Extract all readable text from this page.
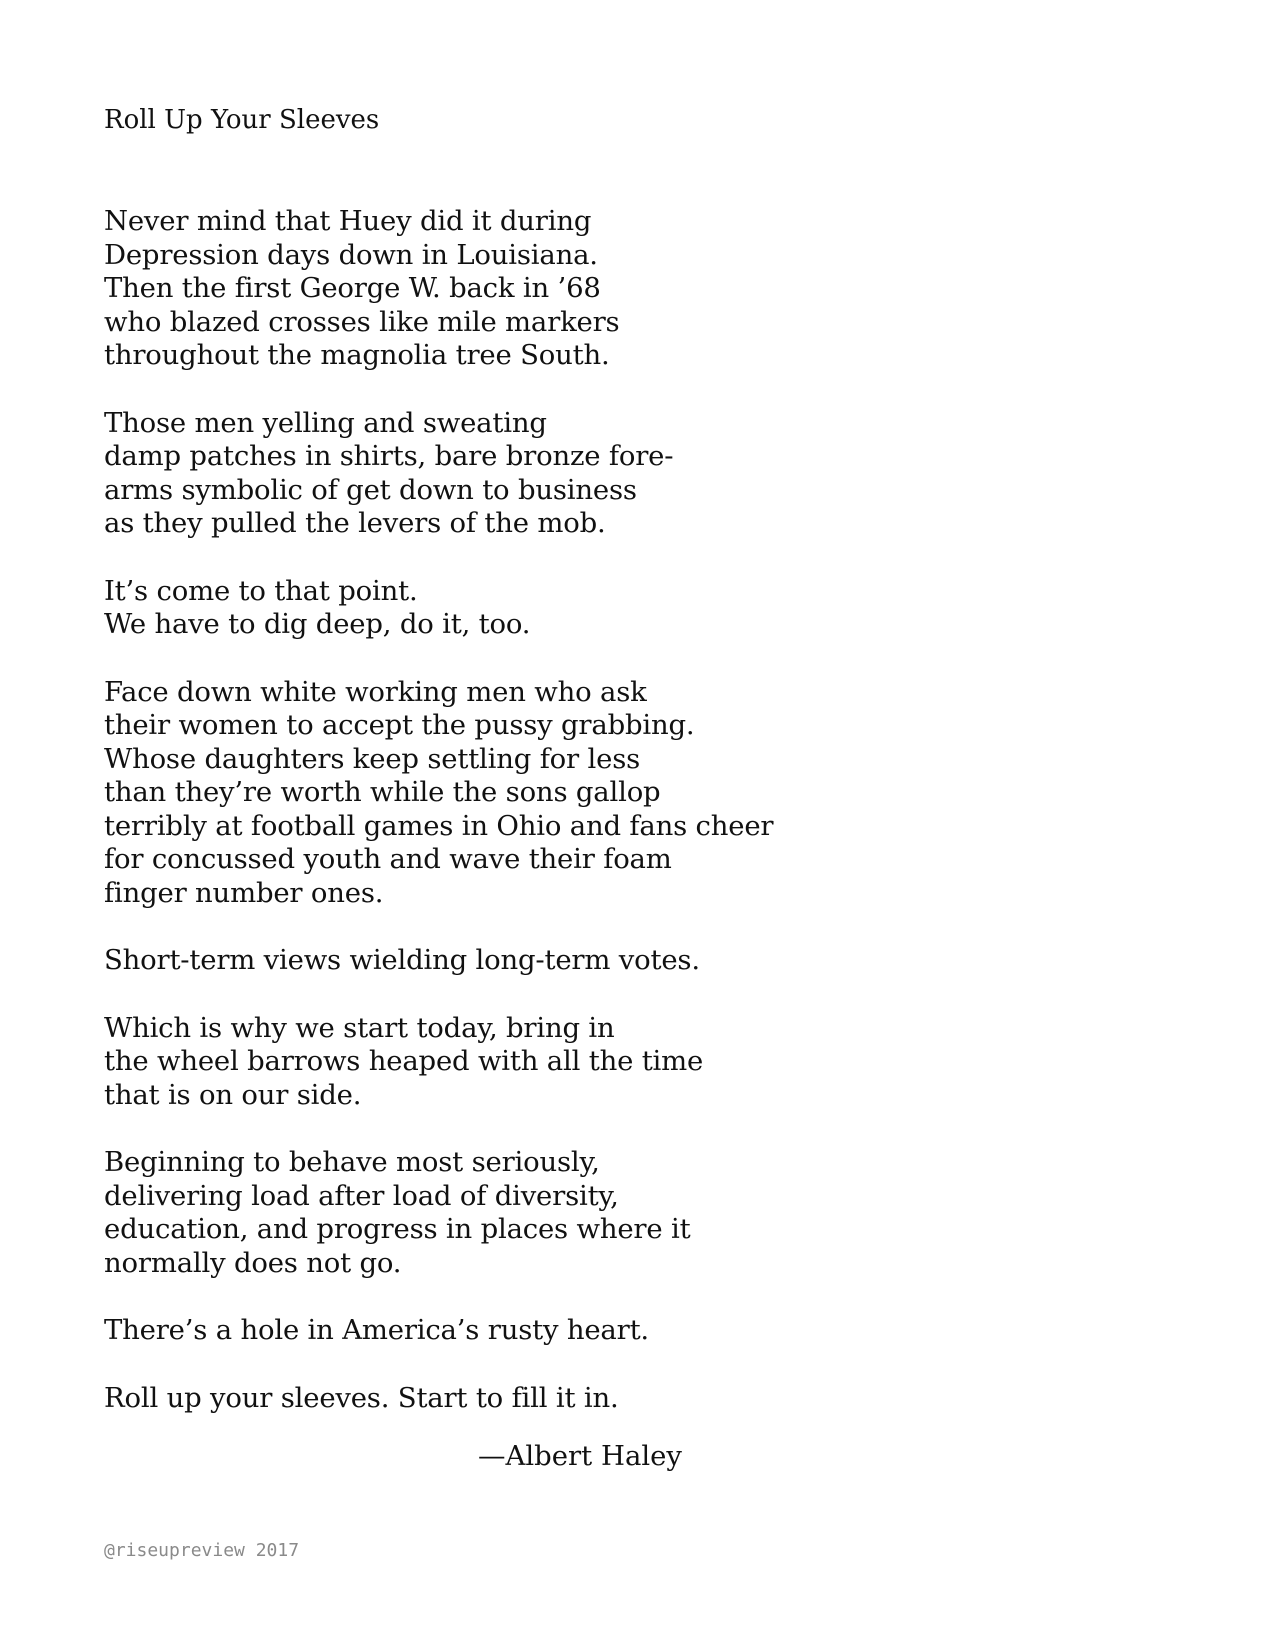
Roll Up Your Sleeves
Never mind that Huey did it during
Depression days down in Louisiana.
Then the first George W. back in ’68
who blazed crosses like mile markers
throughout the magnolia tree South.
Those men yelling and sweating
damp patches in shirts, bare bronze fore-
arms symbolic of get down to business
as they pulled the levers of the mob.
It’s come to that point.
We have to dig deep, do it, too.
Face down white working men who ask
their women to accept the pussy grabbing.
Whose daughters keep settling for less
than they’re worth while the sons gallop
terribly at football games in Ohio and fans cheer
for concussed youth and wave their foam
finger number ones.
Short-term views wielding long-term votes.
Which is why we start today, bring in
the wheel barrows heaped with all the time
that is on our side.
Beginning to behave most seriously,
delivering load after load of diversity,
education, and progress in places where it
normally does not go.
There’s a hole in America’s rusty heart.
Roll up your sleeves. Start to fill it in.
—Albert Haley
@riseupreview 2017
